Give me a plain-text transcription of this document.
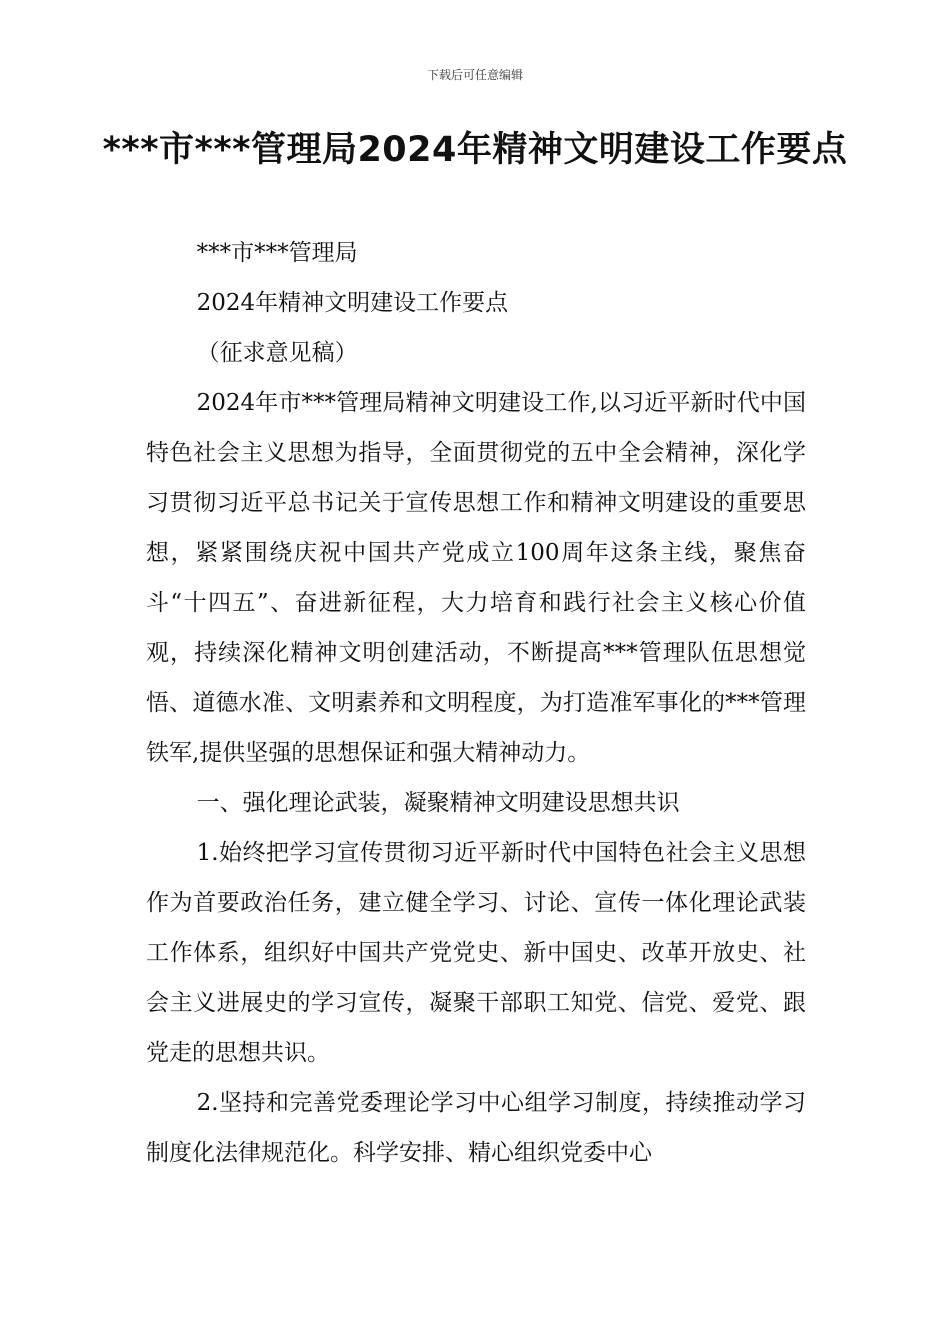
下载后可任意编辑
***市***管理局2024年精神文明建设工作要点

***市***管理局

2024年精神文明建设工作要点

（征求意见稿）

2024年市***管理局精神文明建设工作,以习近平新时代中国特色社会主义思想为指导，全面贯彻党的五中全会精神，深化学习贯彻习近平总书记关于宣传思想工作和精神文明建设的重要思想，紧紧围绕庆祝中国共产党成立100周年这条主线，聚焦奋斗“十四五”、奋进新征程，大力培育和践行社会主义核心价值观，持续深化精神文明创建活动，不断提高***管理队伍思想觉悟、道德水准、文明素养和文明程度，为打造准军事化的***管理铁军,提供坚强的思想保证和强大精神动力。

一、强化理论武装，凝聚精神文明建设思想共识

1.始终把学习宣传贯彻习近平新时代中国特色社会主义思想作为首要政治任务，建立健全学习、讨论、宣传一体化理论武装工作体系，组织好中国共产党党史、新中国史、改革开放史、社会主义进展史的学习宣传，凝聚干部职工知党、信党、爱党、跟党走的思想共识。

2.坚持和完善党委理论学习中心组学习制度，持续推动学习制度化法律规范化。科学安排、精心组织党委中心
